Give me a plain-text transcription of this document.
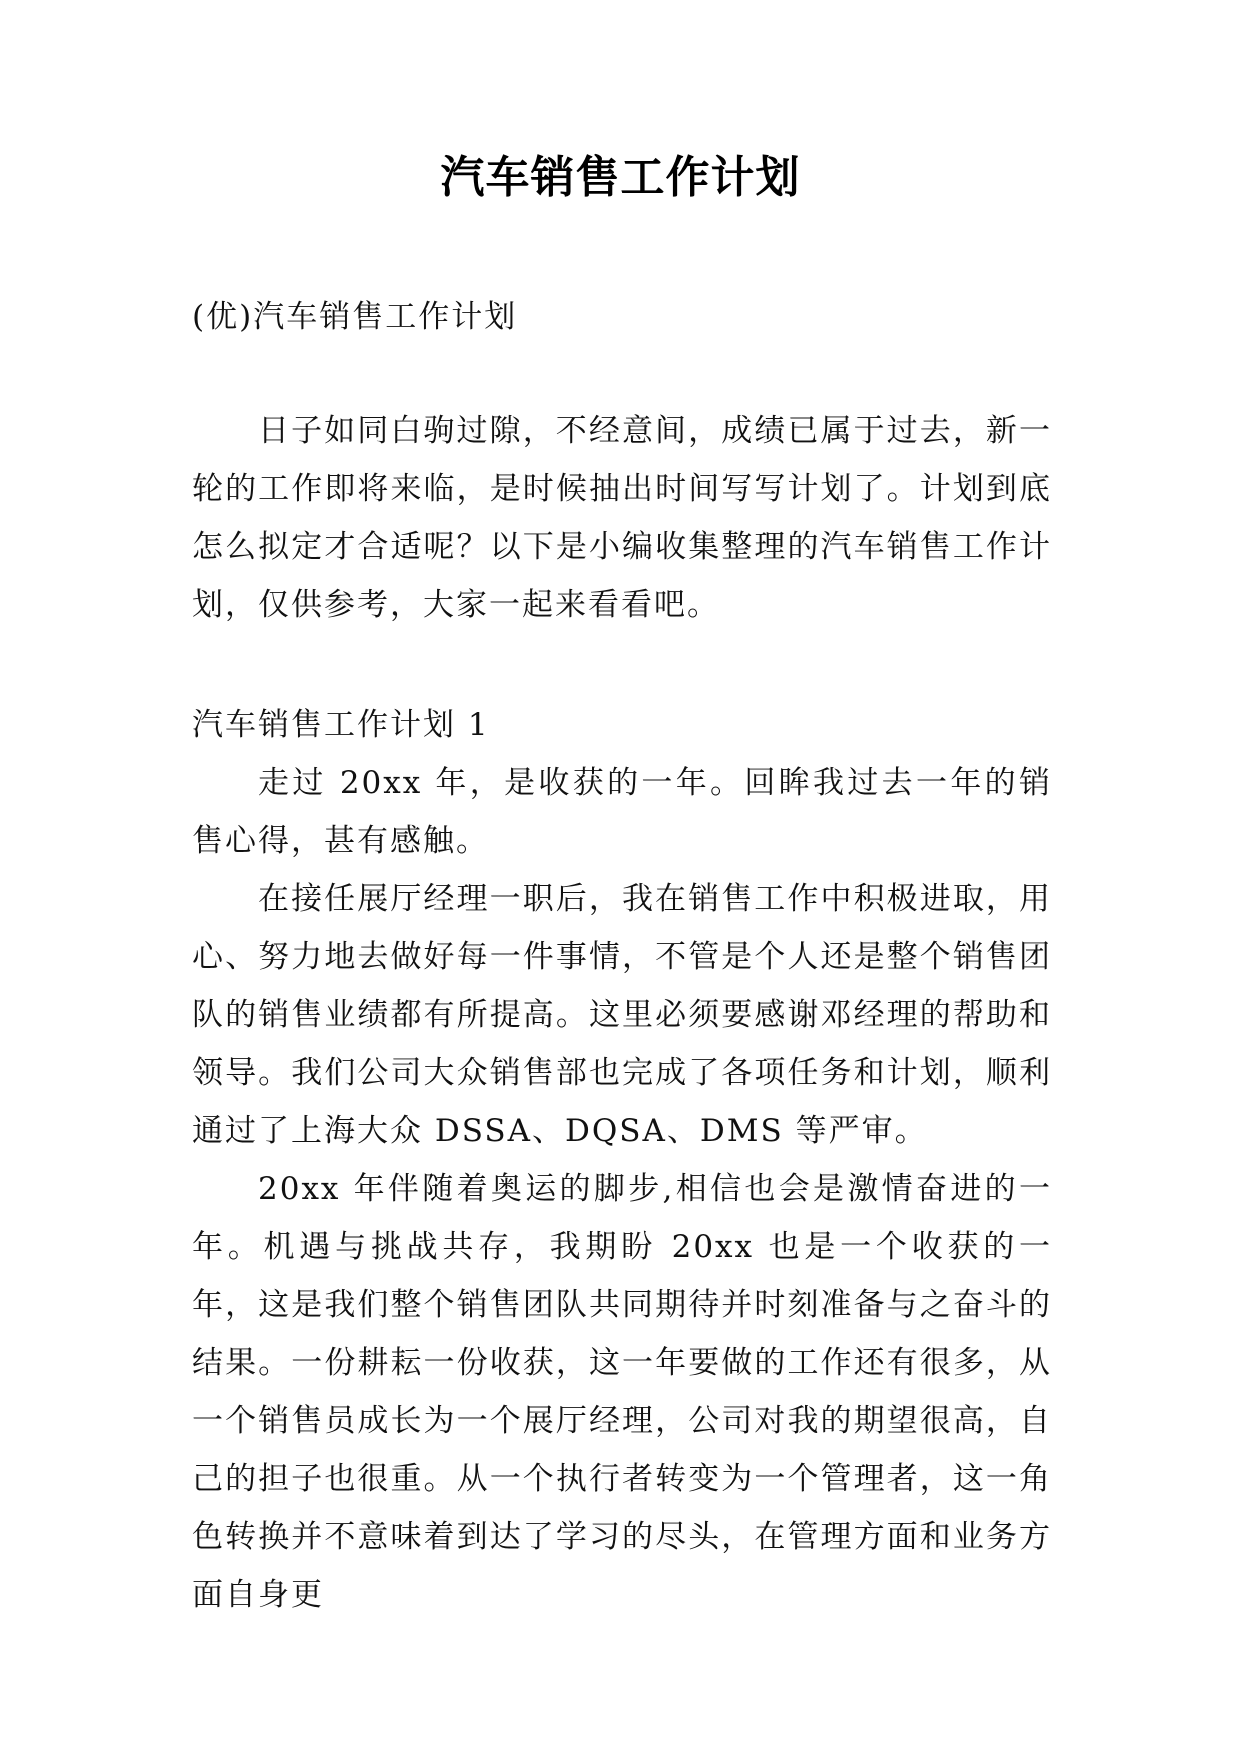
汽车销售工作计划

(优)汽车销售工作计划

日子如同白驹过隙，不经意间，成绩已属于过去，新一轮的工作即将来临，是时候抽出时间写写计划了。计划到底怎么拟定才合适呢？以下是小编收集整理的汽车销售工作计划，仅供参考，大家一起来看看吧。

汽车销售工作计划 1

走过 20xx 年，是收获的一年。回眸我过去一年的销售心得，甚有感触。

在接任展厅经理一职后，我在销售工作中积极进取，用心、努力地去做好每一件事情，不管是个人还是整个销售团队的销售业绩都有所提高。这里必须要感谢邓经理的帮助和领导。我们公司大众销售部也完成了各项任务和计划，顺利通过了上海大众 DSSA、DQSA、DMS 等严审。

20xx 年伴随着奥运的脚步,相信也会是激情奋进的一年。机遇与挑战共存，我期盼 20xx 也是一个收获的一年，这是我们整个销售团队共同期待并时刻准备与之奋斗的结果。一份耕耘一份收获，这一年要做的工作还有很多，从一个销售员成长为一个展厅经理，公司对我的期望很高，自己的担子也很重。从一个执行者转变为一个管理者，这一角色转换并不意味着到达了学习的尽头，在管理方面和业务方面自身更
